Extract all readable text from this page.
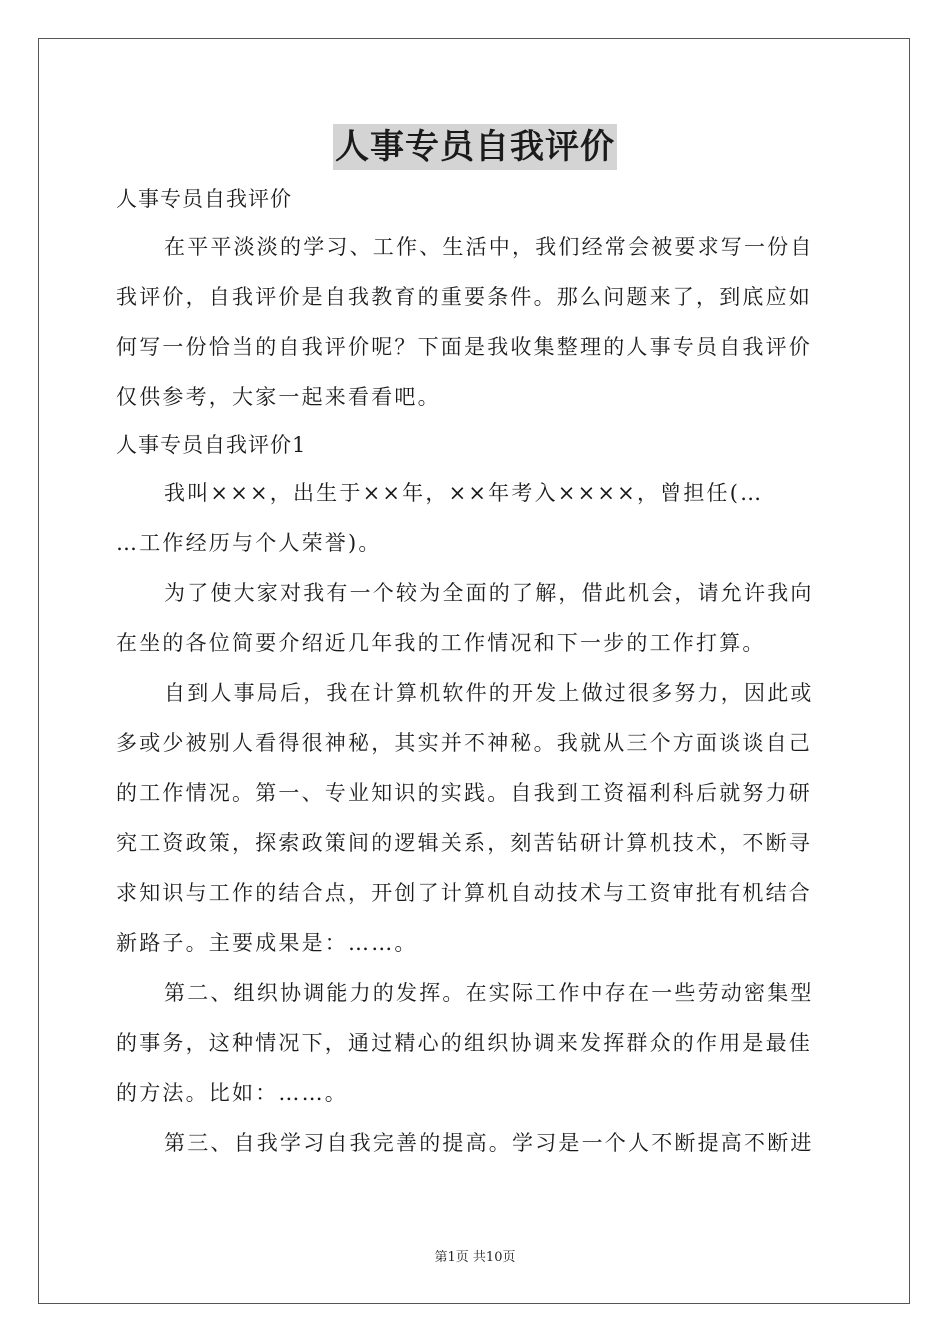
人事专员自我评价
人事专员自我评价
在平平淡淡的学习、工作、生活中，我们经常会被要求写一份自
我评价，自我评价是自我教育的重要条件。那么问题来了，到底应如
何写一份恰当的自我评价呢？下面是我收集整理的人事专员自我评价
仅供参考，大家一起来看看吧。
人事专员自我评价1
我叫×××，出生于××年，××年考入××××，曾担任(…
…工作经历与个人荣誉)。
为了使大家对我有一个较为全面的了解，借此机会，请允许我向
在坐的各位简要介绍近几年我的工作情况和下一步的工作打算。
自到人事局后，我在计算机软件的开发上做过很多努力，因此或
多或少被别人看得很神秘，其实并不神秘。我就从三个方面谈谈自己
的工作情况。第一、专业知识的实践。自我到工资福利科后就努力研
究工资政策，探索政策间的逻辑关系，刻苦钻研计算机技术，不断寻
求知识与工作的结合点，开创了计算机自动技术与工资审批有机结合
新路子。主要成果是：……。
第二、组织协调能力的发挥。在实际工作中存在一些劳动密集型
的事务，这种情况下，通过精心的组织协调来发挥群众的作用是最佳
的方法。比如：……。
第三、自我学习自我完善的提高。学习是一个人不断提高不断进
第1页 共10页
